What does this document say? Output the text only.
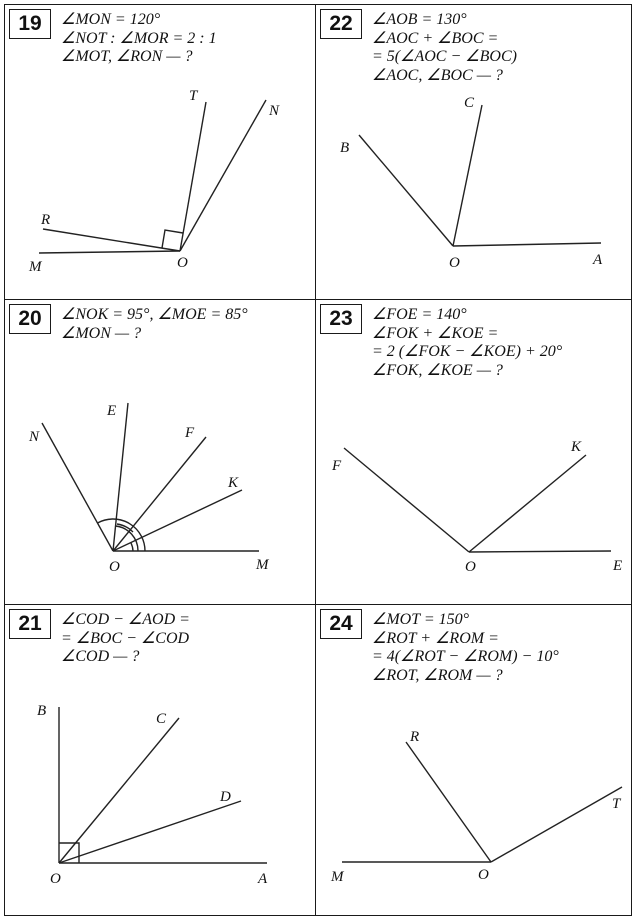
19	∠MON = 120°
∠NOT : ∠MOR = 2 : 1
∠MOT, ∠RON — ?
T
N
R
M	O
22	∠AOB = 130°
∠AOC + ∠BOC =
= 5(∠AOC − ∠BOC)
∠AOC, ∠BOC — ?
B
C
O	A
20	∠NOK = 95°, ∠MOE = 85°
∠MON — ?
N
E
F
K
O	M
23	∠FOE = 140°
∠FOK + ∠KOE =
= 2 (∠FOK − ∠KOE) + 20°
∠FOK, ∠KOE — ?
F
K
O	E
21	∠COD − ∠AOD =
= ∠BOC − ∠COD
∠COD — ?
B	C
D
O	A
24	∠MOT = 150°
∠ROT + ∠ROM =
= 4(∠ROT − ∠ROM) − 10°
∠ROT, ∠ROM — ?
R
T
M	O
